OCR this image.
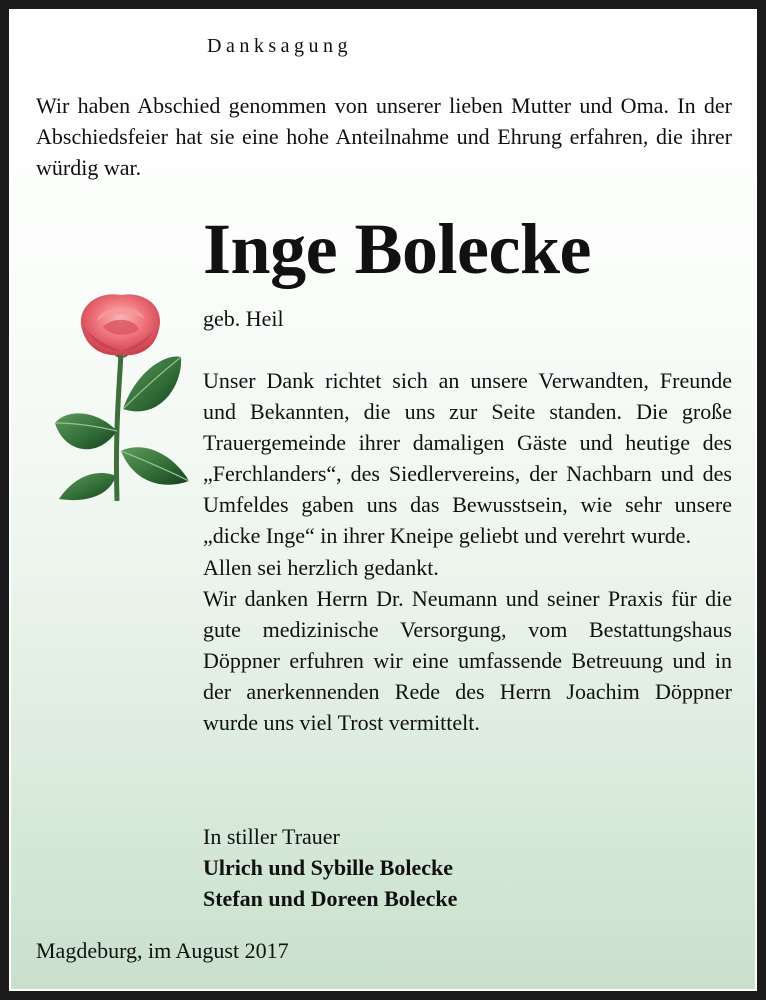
Danksagung

Wir haben Abschied genommen von unserer lieben Mutter und Oma. In der Abschiedsfeier hat sie eine hohe Anteilnahme und Ehrung erfahren, die ihrer würdig war.

Inge Bolecke

geb. Heil

Unser Dank richtet sich an unsere Verwandten, Freunde und Bekannten, die uns zur Seite standen. Die große Trauergemeinde ihrer damaligen Gäste und heutige des „Ferchlanders“, des Siedlervereins, der Nachbarn und des Umfeldes gaben uns das Bewusstsein, wie sehr unsere „dicke Inge“ in ihrer Kneipe geliebt und verehrt wurde.

Allen sei herzlich gedankt.

Wir danken Herrn Dr. Neumann und seiner Praxis für die gute medizinische Versorgung, vom Bestattungshaus Döppner erfuhren wir eine umfassende Betreuung und in der anerkennenden Rede des Herrn Joachim Döppner wurde uns viel Trost vermittelt.

In stiller Trauer
Ulrich und Sybille Bolecke
Stefan und Doreen Bolecke

Magdeburg, im August 2017
